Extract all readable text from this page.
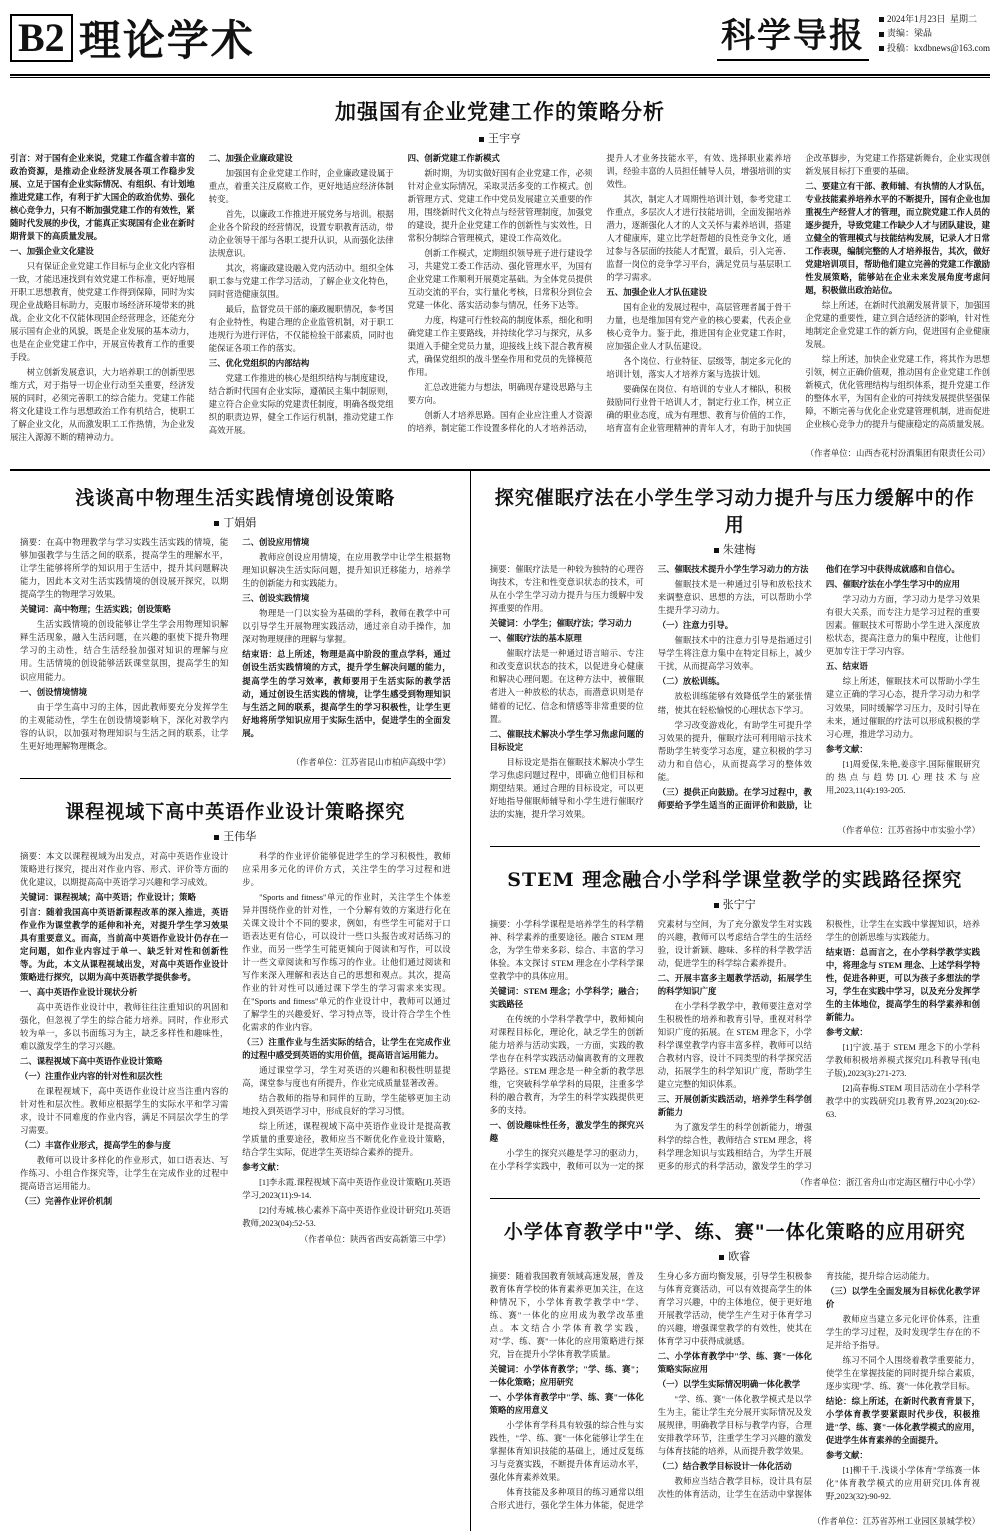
B2 理论学术	科学导报	2024年1月23日 星期二
责编：梁晶
投稿：kxdbnews@163.com
加强国有企业党建工作的策略分析
王宇亨

引言：对于国有企业来说，党建工作蕴含着丰富的政治资源，是推动企业经济发展各项工作稳步发展、立足于国有企业实际情况、有组织、有计划地推进党建工作，有利于扩大国企的政治优势、强化核心竞争力，只有不断加强党建工作的有效性，紧随时代发展的步伐，才能真正实现国有企业在新时期背景下的高质量发展。

一、加强企业文化建设

只有保证企业党建工作目标与企业文化内容相一致，才能迅速找到有效党建工作标准，更好地展开职工思想教育，使党建工作得到保障，同时为实现企业战略目标助力，克服市场经济环境带来的挑战。企业文化不仅能体现国企经营理念，还能充分展示国有企业的风貌，既是企业发展的基本动力，也是在企业党建工作中，开展宣传教育工作的重要手段。

树立创新发展意识，大力培养职工的创新型思维方式，对于指导一切企业行动至关重要，经济发展的同时，必须完善职工的综合能力。党建工作能将文化建设工作与思想政治工作有机结合，使职工了解企业文化，从而激发职工工作热情，为企业发展注入源源不断的精神动力。

二、加强企业廉政建设

加强国有企业党建工作时，企业廉政建设属于重点，着重关注反腐败工作，更好地适应经济体制转变。

首先，以廉政工作推进开展党务与培训。根据企业各个阶段的经营情况，设置专职教育活动，带动企业领导干部与各职工提升认识，从而强化法律法规意识。

其次，将廉政建设融入党内活动中。组织全体职工参与党建工作学习活动，了解企业文化特色，同时营造健康氛围。

最后，监督党员干部的廉政履职情况，参考国有企业特性，构建合理的企业监管机制，对于职工违规行为进行评估，不仅能检验干部素质，同时也能保证各项工作的落实。

三、优化党组织的内部结构

党建工作推进的核心是组织结构与制度建设，结合新时代国有企业实际，遵循民主集中制原则，建立符合企业实际的党建责任制度，明确各级党组织的职责边界，健全工作运行机制，推动党建工作高效开展。

四、创新党建工作新模式

新时期，为切实做好国有企业党建工作，必须针对企业实际情况，采取灵活多变的工作模式。创新管理方式、党建工作中党员发展建立关重要的作用，围绕新时代文化特点与经营管理制度，加强党的建设，提升企业党建工作的创新性与实效性，日常积分制综合管理模式，建设工作高效化。

创新工作模式，定期组织领导班子进行建设学习，共建党工委工作活动、强化管理水平，为国有企业党建工作顺利开展奠定基础。为全体党员提供互动交流的平台，实行量化考核，日常积分到位会党建一体化、落实活动参与情况，任务下达等。

力度，构建可行性较高的制度体系，细化和明确党建工作主要路线，并持续化学习与探究，从多渠道入手健全党员力量，迎接线上线下混合教育模式，确保党组织的战斗堡垒作用和党员的先锋模范作用。

汇总改进能力与想法，明确现存建设思路与主要方向。

创新人才培养思路。国有企业应注重人才资源的培养，制定能工作设置多样化的人才培养活动，提升人才业务技能水平，有效、选择职业素养培训，经验丰富的人员担任辅导人员，增强培训的实效性。

其次，制定人才周期性培训计划，参考党建工作重点，多层次人才进行技能培训，全面发掘培养潜力，逐渐强化人才的人文关怀与素养培训，搭建人才健康库，建立比学赶帮超的良性竞争文化，通过参与各层面的技能人才配置，最后，引入完善、监督一岗位的竞争学习平台，满足党员与基层职工的学习需求。

五、加强企业人才队伍建设

国有企业的发展过程中，高层管理者属于骨干力量，也是维加国有党产业的核心要素，代表企业核心竞争力。鉴于此，推进国有企业党建工作时，应加强企业人才队伍建设。

各个岗位、行业特征、层级等，制定多元化的培训计划，落实人才培养方案与选拔计划。

要确保在岗位、有培训的专业人才梯队，积极鼓励同行业骨干培训人才，制定行业工作，树立正确的职业态度，成为有理想、教育与价值的工作，培育富有企业管理精神的青年人才，有助于加快国企改革脚步，为党建工作搭建新舞台，企业实现创新发展目标打下重要的基础。

二、要建立有干部、教师辅、有执情的人才队伍，专业技能素养培养水平的不断提升，国有企业也加重视生产经营人才的管理，而立院党建工作人员的逐步提升，导致党建工作缺少人才与团队建设，建立健全的管理模式与技能结构发展，记录人才日常工作表现，编制完整的人才培养报告，其次，做好党建培训项目，帮助他们建立完善的党建工作激励性发展策略，能够站在企业未来发展角度考虑问题，积极做出政治站位。

综上所述，在新时代浪潮发展背景下，加强国企党建的重要性，建立到合适经济的影响，针对性地制定企业党建工作的新方向，促进国有企业健康发展。

综上所述，加快企业党建工作，将其作为思想引领，树立正确价值观，推动国有企业党建工作创新模式，优化管理结构与组织体系，提升党建工作的整体水平，为国有企业的可持续发展提供坚强保障，不断完善与优化企业党建管理机制，进而促进企业核心竞争力的提升与健康稳定的高质量发展。

（作者单位：山西杏花村汾酒集团有限责任公司）
浅谈高中物理生活实践情境创设策略
丁娟娟

摘要：在高中物理教学与学习实践生活实践的情境，能够加强教学与生活之间的联系，提高学生的理解水平，让学生能够将所学的知识用于生活中，提升其问题解决能力，因此本文对生活实践情境的创设展开探究，以期提高学生的物理学习效果。

关键词：高中物理；生活实践；创设策略

生活实践情境的创设能够让学生学会用物理知识解释生活现象，融入生活问题，在兴趣的驱使下提升物理学习的主动性，结合生活经验加强对知识的理解与应用。生活情境的创设能够活跃课堂氛围，提高学生的知识应用能力。

一、创设情境情境

由于学生高中习的主体，因此教师要充分发挥学生的主观能动性，学生在创设情境影响下，深化对教学内容的认识，以加强对物理知识与生活之间的联系，让学生更好地理解物理概念。

二、创设应用情境

教师应创设应用情境，在应用教学中让学生根据物理知识解决生活实际问题，提升知识迁移能力，培养学生的创新能力和实践能力。

三、创设实践情境

物理是一门以实验为基础的学科，教师在教学中可以引导学生开展物理实践活动，通过亲自动手操作，加深对物理规律的理解与掌握。

结束语：总上所述，物理是高中阶段的重点学科，通过创设生活实践情境的方式，提升学生解决问题的能力，提高学生的学习效率，教师要用于生活实际的教学活动，通过创设生活实践的情境，让学生感受到物理知识与生活之间的联系，提高学生的学习积极性，让学生更好地将所学知识应用于实际生活中，促进学生的全面发展。

（作者单位：江苏省昆山市柏庐高级中学）
课程视域下高中英语作业设计策略探究
王伟华

摘要：本文以课程视域为出发点，对高中英语作业设计策略进行探究，提出对作业内容、形式、评价等方面的优化建议，以期提高高中英语学习兴趣和学习成效。

关键词：课程视域；高中英语；作业设计；策略

引言：随着我国高中英语新课程改革的深入推进，英语作业作为课堂教学的延伸和补充，对提升学生学习效果具有重要意义。而高，当前高中英语作业设计仍存在一定问题，如作业内容过于单一、缺乏针对性和创新性等。为此，本文从课程视域出发，对高中英语作业设计策略进行探究，以期为高中英语教学提供参考。

一、高中英语作业设计现状分析

高中英语作业设计中，教师往往注重知识的巩固和强化，但忽视了学生的综合能力培养。同时，作业形式较为单一，多以书面练习为主，缺乏多样性和趣味性，难以激发学生的学习兴趣。

二、课程视域下高中英语作业设计策略

（一）注重作业内容的针对性和层次性

在课程视域下，高中英语作业设计应当注重内容的针对性和层次性。教师应根据学生的实际水平和学习需求，设计不同难度的作业内容，满足不同层次学生的学习需要。

（二）丰富作业形式，提高学生的参与度

教师可以设计多样化的作业形式，如口语表达、写作练习、小组合作探究等，让学生在完成作业的过程中提高语言运用能力。

（三）完善作业评价机制

科学的作业评价能够促进学生的学习积极性，教师应采用多元化的评价方式，关注学生的学习过程和进步。

"Sports and fitness"单元的作业时，关注学生个体差异并围绕作业的针对性，一个分解有效的方案进行化在关课文设计个不同的要求，例如，有些学生可能对于口语表达更有信心，可以设计一些口头报告或对话练习的作业，而另一些学生可能更倾向于阅读和写作，可以设计一些文章阅读和写作练习的作业。让他们通过阅读和写作来深入理解和表达自己的思想和观点。其次，提高作业的针对性可以通过课下学生的学习需求来实现。在"Sports and fitness"单元的作业设计中，教师可以通过了解学生的兴趣爱好、学习特点等，设计符合学生个性化需求的作业内容。

（三）注重作业与生活实际的结合，让学生在完成作业的过程中感受到英语的实用价值，提高语言运用能力。

通过课堂学习，学生对英语的兴趣和积极性明显提高，课堂参与度也有所提升，作业完成质量显著改善。

结合教师的指导和同伴的互助，学生能够更加主动地投入到英语学习中，形成良好的学习习惯。

综上所述，课程视域下高中英语作业设计是提高教学质量的重要途径，教师应当不断优化作业设计策略，结合学生实际，促进学生英语综合素养的提升。

参考文献：

[1]李永霞.课程视域下高中英语作业设计策略[J].英语学习,2023(11):9-14.

[2]付寿城.核心素养下高中英语作业设计研究[J].英语教师,2023(04):52-53.

（作者单位：陕西省西安高新第三中学）
探究催眠疗法在小学生学习动力提升与压力缓解中的作用
朱建梅

摘要：催眠疗法是一种较为独特的心理咨询技术，专注和性变意识状态的技术，可从在小学生学习动力提升与压力缓解中发挥重要的作用。

关键词：小学生；催眠疗法；学习动力

一、催眠疗法的基本原理

催眠疗法是一种通过语言暗示、专注和改变意识状态的技术，以促进身心健康和解决心理问题。在这种方法中，被催眠者进入一种放松的状态，而潜意识则是存储着的记忆、信念和情感等非常重要的位置。

二、催眠技术解决小学生学习焦虑问题的目标设定

目标设定是指在催眠技术解决小学生学习焦虑问题过程中，即确立他们目标和期望结果。通过合理的目标设定，可以更好地指导催眠师辅导和小学生进行催眠疗法的实施，提升学习效果。

三、催眠技术提升小学生学习动力的方法

催眠技术是一种通过引导和放松技术来调整意识、思想的方法，可以帮助小学生提升学习动力。

（一）注意力引导。

催眠技术中的注意力引导是指通过引导学生将注意力集中在特定目标上，减少干扰，从而提高学习效率。

（二）放松训练。

放松训练能够有效降低学生的紧张情绪，使其在轻松愉悦的心理状态下学习。

学习改变游戏化，有助学生可提升学习效果的提升，催眠疗法可利用暗示技术帮助学生转变学习态度，建立积极的学习动力和自信心，从而提高学习的整体效能。

（三）提供正向鼓励。在学习过程中，教师要给予学生适当的正面评价和鼓励，让他们在学习中获得成就感和自信心。

四、催眠疗法在小学生学习中的应用

学习动力方面，学习动力是学习效果有很大关系，而专注力是学习过程的重要因素。催眠技术可帮助小学生进入深度放松状态，提高注意力的集中程度，让他们更加专注于学习内容。

五、结束语

综上所述，催眠技术可以帮助小学生建立正确的学习心态，提升学习动力和学习效果，同时缓解学习压力，及时引导在未来，通过催眠的疗法可以形成积极的学习心理，推进学习动力。

参考文献：

[1]周爱保,朱艳,姜彦宇.国际催眠研究的热点与趋势[J].心理技术与应用,2023,11(4):193-205.

（作者单位：江苏省扬中市实验小学）
STEM 理念融合小学科学课堂教学的实践路径探究
张宁宁

摘要：小学科学课程是培养学生的科学精神、科学素养的重要途径。融合 STEM 理念，为学生带来多彩、综合、丰富的学习体验。本文探讨 STEM 理念在小学科学课堂教学中的具体应用。

关键词：STEM 理念；小学科学；融合；实践路径

在传统的小学科学教学中，教师倾向对课程目标化，理论化，缺乏学生的创新能力培养与活动实践，一方面，实践的教学也存在科学实践活动偏离教育的文理教学路径。STEM 理念是一种全新的教学思维，它突破科学单学科的局限，注重多学科的融合教育，为学生的科学实践提供更多的支持。

一、创设趣味性任务，激发学生的探究兴趣

小学生的探究兴趣是学习的驱动力，在小学科学实践中，教师可以为一定的探究素材与空间，为了充分激发学生对实践的兴趣，教师可以考虑结合学生的生活经验，设计新颖、趣味、多样的科学教学活动，促进学生的科学综合素养提升。

二、开展丰富多主题教学活动，拓展学生的科学知识广度

在小学科学教学中，教师要注意对学生积极性的培养和教育引导，重视对科学知识广度的拓展。在 STEM 理念下，小学科学课堂教学内容丰富多样，教师可以结合教材内容，设计不同类型的科学探究活动，拓展学生的科学知识广度，帮助学生建立完整的知识体系。

三、开展创新实践活动，培养学生科学创新能力

为了激发学生的科学创新能力，增强科学的综合性，教师结合 STEM 理念，将科学理念知识与实践相结合，为学生开展更多的形式的科学活动，激发学生的学习积极性，让学生在实践中掌握知识，培养学生的创新思维与实践能力。

结束语：总而言之，在小学科学教学实践中，将理念与 STEM 理念、上述学科学特性，促进各种更，可以为孩子多想法的学习，学生在实践中学习，以及充分发挥学生的主体地位，提高学生的科学素养和创新能力。

参考文献：

[1]宁波.基于 STEM 理念下的小学科学教师积极培养模式探究[J].科教导刊(电子版),2023(3):271-273.

[2]高春梅.STEM 项目活动在小学科学教学中的实践研究[J].教育界,2023(20):62-63.

（作者单位：浙江省舟山市定海区檀行中心小学）
小学体育教学中"学、练、赛"一体化策略的应用研究
欧睿

摘要：随着我国教育领域高速发展，普及教育体育学校的体育素养更加关注，在这种情况下，小学体育教学教学中"学、练、赛"一体化的应用成为教学改革重点。本文结合小学体育教学实践，对"学、练、赛"一体化的应用策略进行探究，旨在提升小学体育教学质量。

关键词：小学体育教学；"学、练、赛"；一体化策略；应用研究

一、小学体育教学中"学、练、赛"一体化策略的应用意义

小学体育学科具有较强的综合性与实践性，"学、练、赛"一体化能够让学生在掌握体育知识技能的基础上，通过反复练习与竞赛实践，不断提升体育运动水平，强化体育素养效果。

体育技能及多种项目的练习通常以组合形式进行，强化学生体力体能，促进学生身心多方面均衡发展，引导学生积极参与体育竞赛活动，可以有效提高学生的体育学习兴趣，中的主体地位，便于更好地开展教学活动，使学生产生对于体育学习的兴趣，增强课堂教学的有效性，使其在体育学习中获得成就感。

二、小学体育教学中"学、练、赛"一体化策略实际应用

（一）以学生实际情况明确一体化教学

"学、练、赛"一体化教学模式是以学生为主，能让学生充分展开实际情况及发展规律，明确教学目标与教学内容，合理安排教学环节，注重学生学习兴趣的激发与体育技能的培养，从而提升教学效果。

（二）结合教学目标设计一体化活动

教师应当结合教学目标，设计具有层次性的体育活动，让学生在活动中掌握体育技能，提升综合运动能力。

（三）以学生全面发展为目标优化教学评价

教师应当建立多元化评价体系，注重学生的学习过程，及时发现学生存在的不足并给予指导。

练习不同个人围绕着教学重要能力，使学生在掌握技能的同时提升综合素质，逐步实现"学、练、赛"一体化教学目标。

结论：综上所述，在新时代教育背景下，小学体育教学要紧跟时代步伐，积极推进"学、练、赛"一体化教学模式的应用，促进学生体育素养的全面提升。

参考文献：

[1]柳千千.浅谈小学体育"学练赛一体化"体育教学模式的应用研究[J].体育视野,2023(32):90-92.

（作者单位：江苏省苏州工业园区景城学校）
